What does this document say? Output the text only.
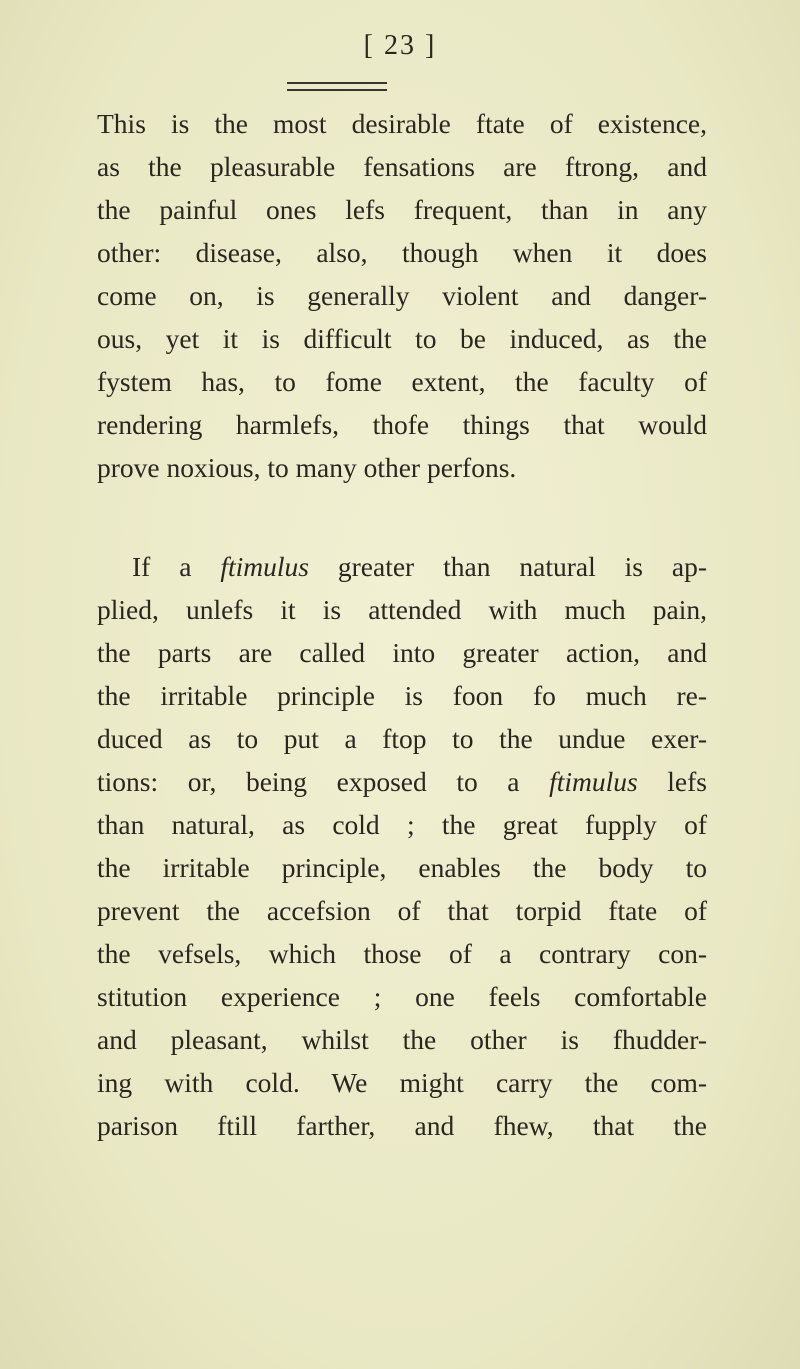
[ 23 ]
This is the most desirable ftate of existence,
as the pleasurable fensations are ftrong, and
the painful ones lefs frequent, than in any
other: disease, also, though when it does
come on, is generally violent and danger-
ous, yet it is difficult to be induced, as the
fystem has, to fome extent, the faculty of
rendering harmlefs, thofe things that would
prove noxious, to many other perfons.
If a ftimulus greater than natural is ap-
plied, unlefs it is attended with much pain,
the parts are called into greater action, and
the irritable principle is foon fo much re-
duced as to put a ftop to the undue exer-
tions: or, being exposed to a ftimulus lefs
than natural, as cold ; the great fupply of
the irritable principle, enables the body to
prevent the accefsion of that torpid ftate of
the vefsels, which those of a contrary con-
stitution experience ; one feels comfortable
and pleasant, whilst the other is fhudder-
ing with cold. We might carry the com-
parison ftill farther, and fhew, that the
